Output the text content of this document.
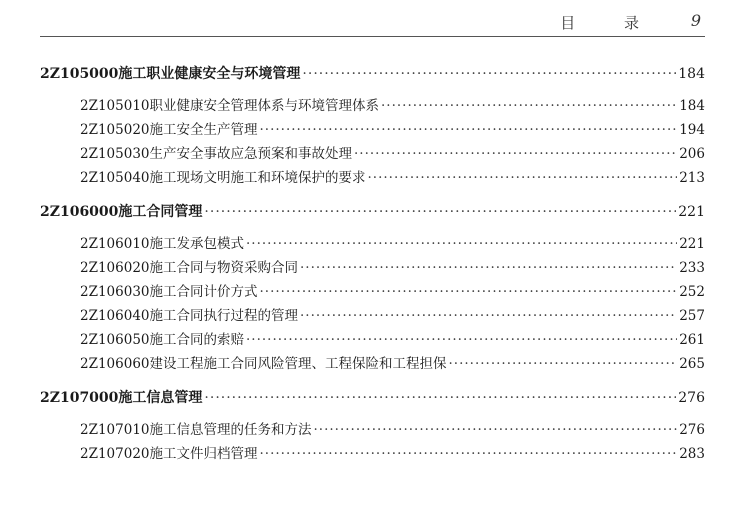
目 录 9
2Z105000 施工职业健康安全与环境管理 ·····	184
2Z105010 职业健康安全管理体系与环境管理体系 ·····	184
2Z105020 施工安全生产管理 ·····	194
2Z105030 生产安全事故应急预案和事故处理 ·····	206
2Z105040 施工现场文明施工和环境保护的要求 ·····	213
2Z106000 施工合同管理 ·····	221
2Z106010 施工发承包模式 ·····	221
2Z106020 施工合同与物资采购合同 ·····	233
2Z106030 施工合同计价方式 ·····	252
2Z106040 施工合同执行过程的管理 ·····	257
2Z106050 施工合同的索赔 ·····	261
2Z106060 建设工程施工合同风险管理、工程保险和工程担保 ·····	265
2Z107000 施工信息管理 ·····	276
2Z107010 施工信息管理的任务和方法 ·····	276
2Z107020 施工文件归档管理 ·····	283
